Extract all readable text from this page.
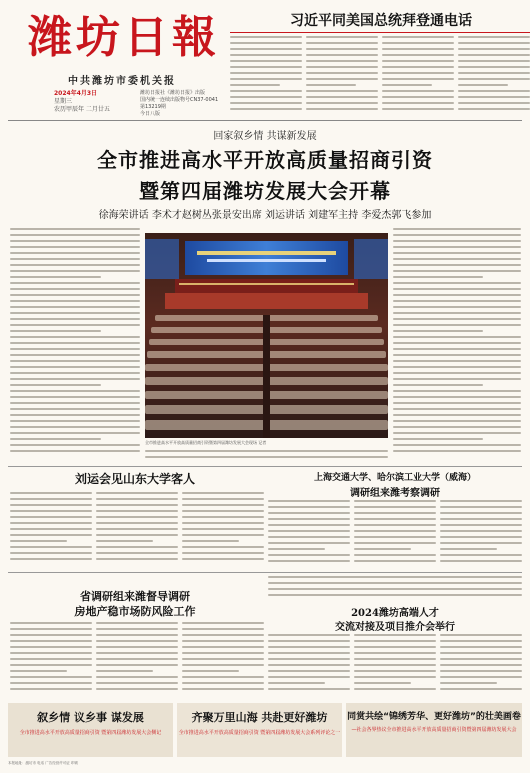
潍坊日報
中共潍坊市委机关报
2024年4月3日
星期三
农历甲辰年 二月廿五
潍坊日报社《潍坊日报》出版
国内统一连续出版物号CN37-0041
第13219期
今日八版
习近平同美国总统拜登通电话
回家叙乡情 共谋新发展
全市推进高水平开放高质量招商引资
暨第四届潍坊发展大会开幕
徐海荣讲话 李术才赵树丛张景安出席 刘运讲话 刘建军主持 李爱杰郭飞参加
全市推进高水平开放高质量招商引资暨第四届潍坊发展大会现场 记者
刘运会见山东大学客人	上海交通大学、哈尔滨工业大学（威海）
调研组来潍考察调研
省调研组来潍督导调研
房地产稳市场防风险工作	2024潍坊高端人才
交流对接及项目推介会举行
叙乡情 议乡事 谋发展
全市推进高水平开放高质量招商引资 暨第四届潍坊发展大会侧记
齐聚万里山海 共赴更好潍坊
全市推进高水平开放高质量招商引资 暨第四届潍坊发展大会系列评论之一
同赏共绘“锦绣芳华、更好潍坊”的壮美画卷
—社会各界热议全市推进高水平开放高质量招商引资暨第四届潍坊发展大会
本报地址：潍坊市 电话 广告经营许可证 印刷
